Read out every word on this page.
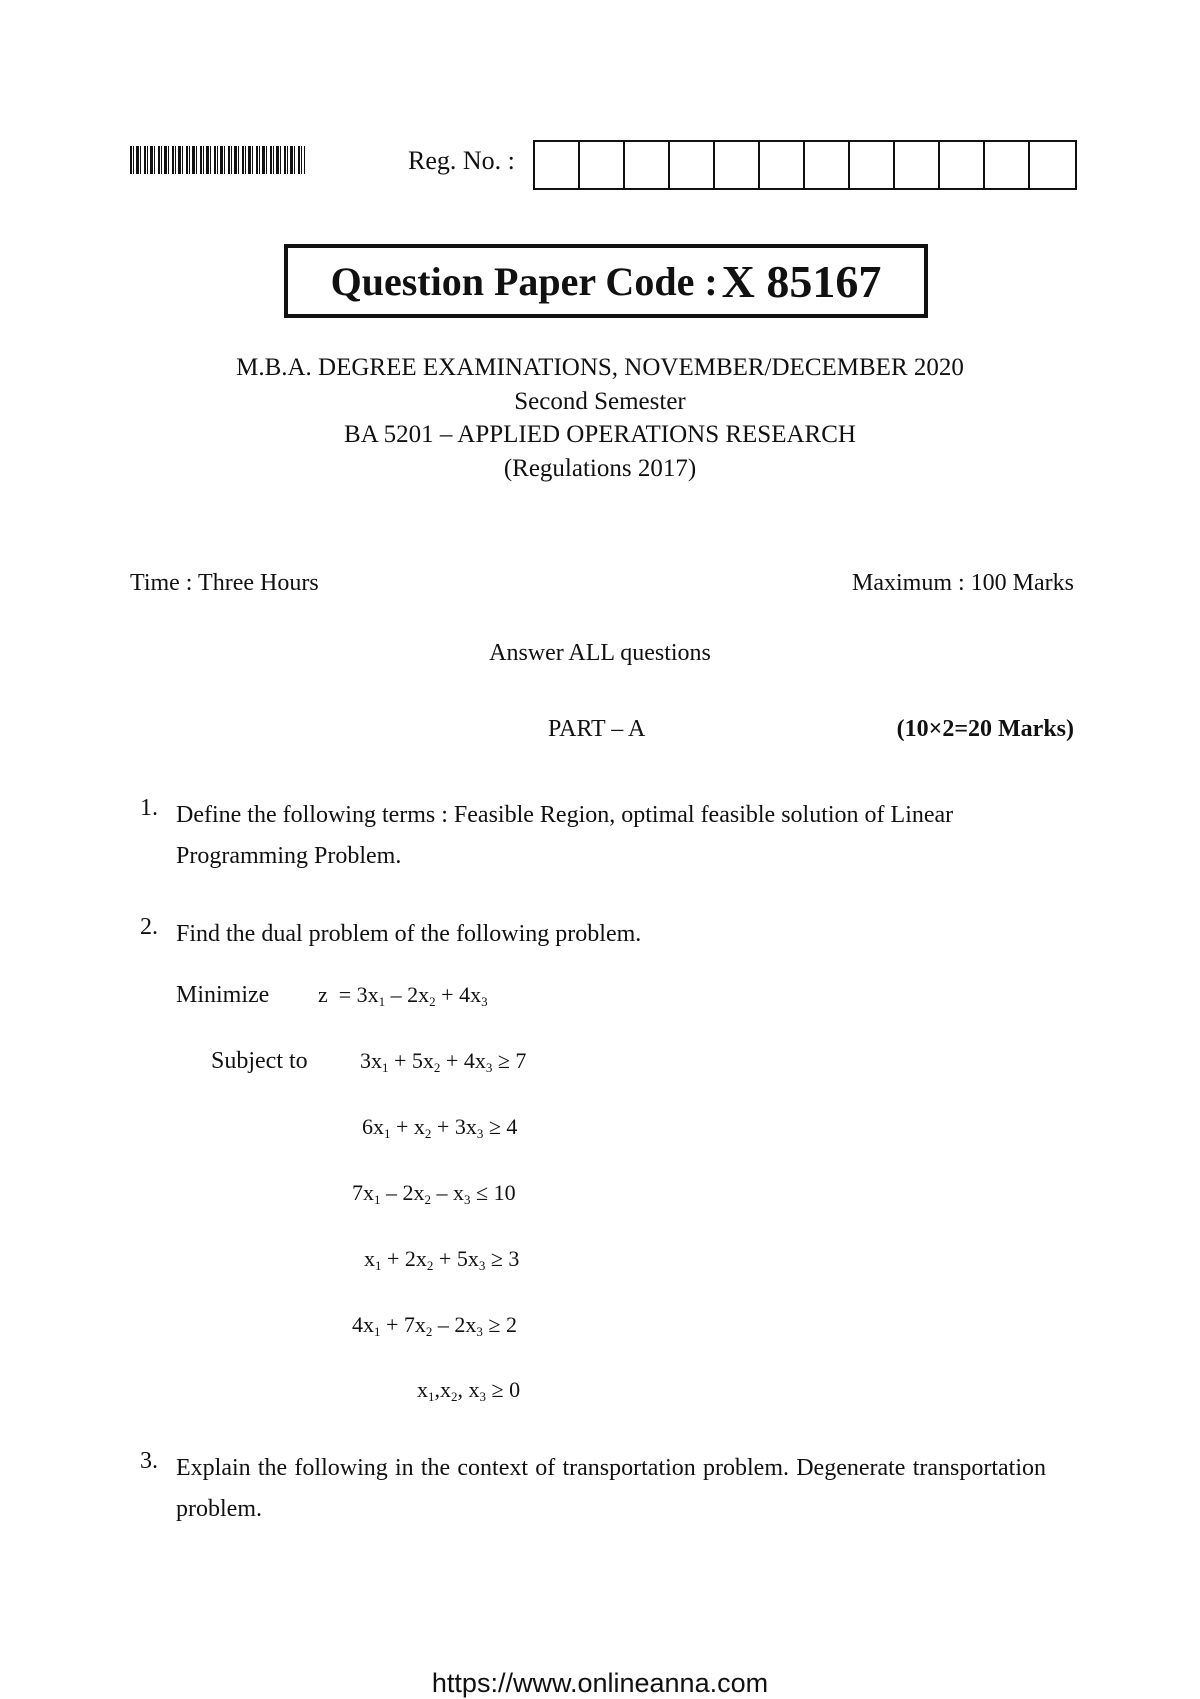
Reg. No. :
Question Paper Code : X 85167
M.B.A. DEGREE EXAMINATIONS, NOVEMBER/DECEMBER 2020
Second Semester
BA 5201 – APPLIED OPERATIONS RESEARCH
(Regulations 2017)
Time : Three Hours	Maximum : 100 Marks
Answer ALL questions
PART – A	(10×2=20 Marks)
1. Define the following terms : Feasible Region, optimal feasible solution of Linear Programming Problem.
2. Find the dual problem of the following problem.
Minimize $z = 3x_1 - 2x_2 + 4x_3$
Subject to $3x_1 + 5x_2 + 4x_3 \ge 7$
$6x_1 + x_2 + 3x_3 \ge 4$
$7x_1 - 2x_2 - x_3 \le 10$
$x_1 + 2x_2 + 5x_3 \ge 3$
$4x_1 + 7x_2 - 2x_3 \ge 2$
$x_1,x_2$, $x_3 \ge 0$
3. Explain the following in the context of transportation problem. Degenerate transportation problem.
https://www.onlineanna.com
